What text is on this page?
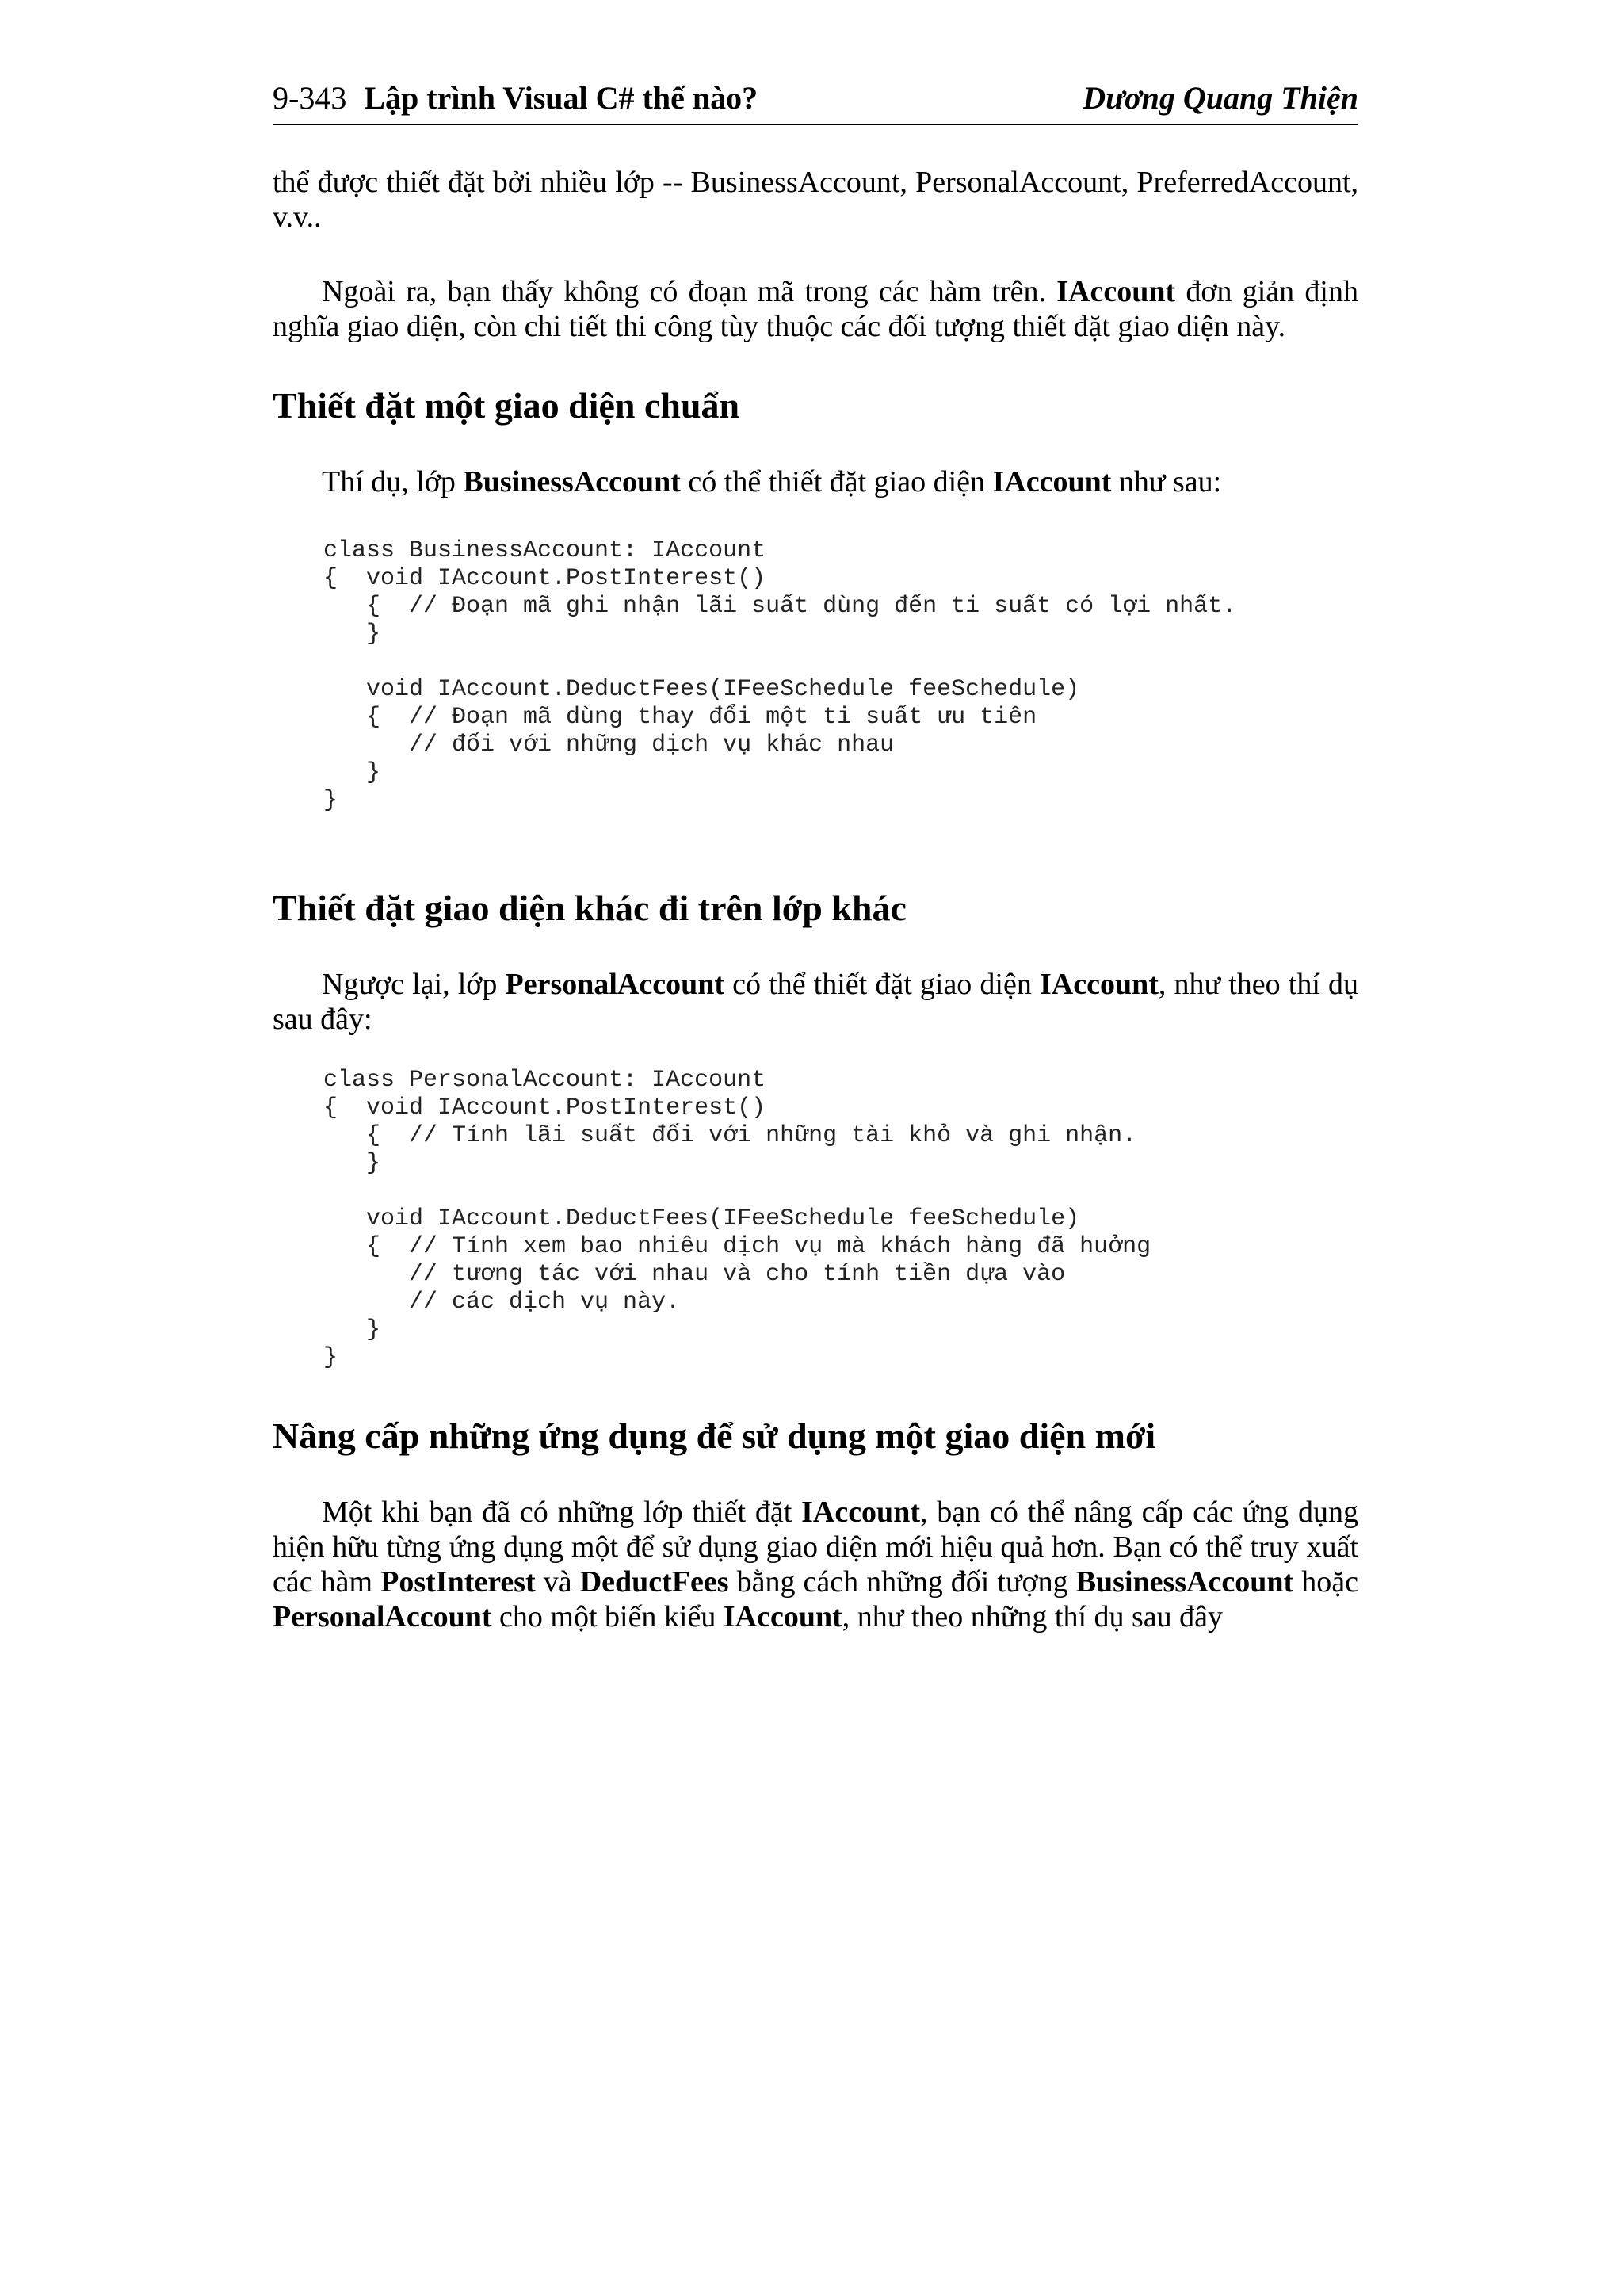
9-343 Lập trình Visual C# thế nào?	Dương Quang Thiện

thể được thiết đặt bởi nhiều lớp -- BusinessAccount, PersonalAccount, PreferredAccount, v.v..

Ngoài ra, bạn thấy không có đoạn mã trong các hàm trên. IAccount đơn giản định nghĩa giao diện, còn chi tiết thi công tùy thuộc các đối tượng thiết đặt giao diện này.

Thiết đặt một giao diện chuẩn

Thí dụ, lớp BusinessAccount có thể thiết đặt giao diện IAccount như sau:

class BusinessAccount: IAccount
{  void IAccount.PostInterest()
{  // Đoạn mã ghi nhận lãi suất dùng đến ti suất có lợi nhất.
}

void IAccount.DeductFees(IFeeSchedule feeSchedule)
{  // Đoạn mã dùng thay đổi một ti suất ưu tiên
// đối với những dịch vụ khác nhau
}
}
Thiết đặt giao diện khác đi trên lớp khác

Ngược lại, lớp PersonalAccount có thể thiết đặt giao diện IAccount, như theo thí dụ sau đây:

class PersonalAccount: IAccount
{  void IAccount.PostInterest()
{  // Tính lãi suất đối với những tài khỏ và ghi nhận.
}

void IAccount.DeductFees(IFeeSchedule feeSchedule)
{  // Tính xem bao nhiêu dịch vụ mà khách hàng đã huởng
// tương tác với nhau và cho tính tiền dựa vào
// các dịch vụ này.
}
}
Nâng cấp những ứng dụng để sử dụng một giao diện mới

Một khi bạn đã có những lớp thiết đặt IAccount, bạn có thể nâng cấp các ứng dụng hiện hữu từng ứng dụng một để sử dụng giao diện mới hiệu quả hơn. Bạn có thể truy xuất các hàm PostInterest và DeductFees bằng cách những đối tượng BusinessAccount hoặc PersonalAccount cho một biến kiểu IAccount, như theo những thí dụ sau đây
